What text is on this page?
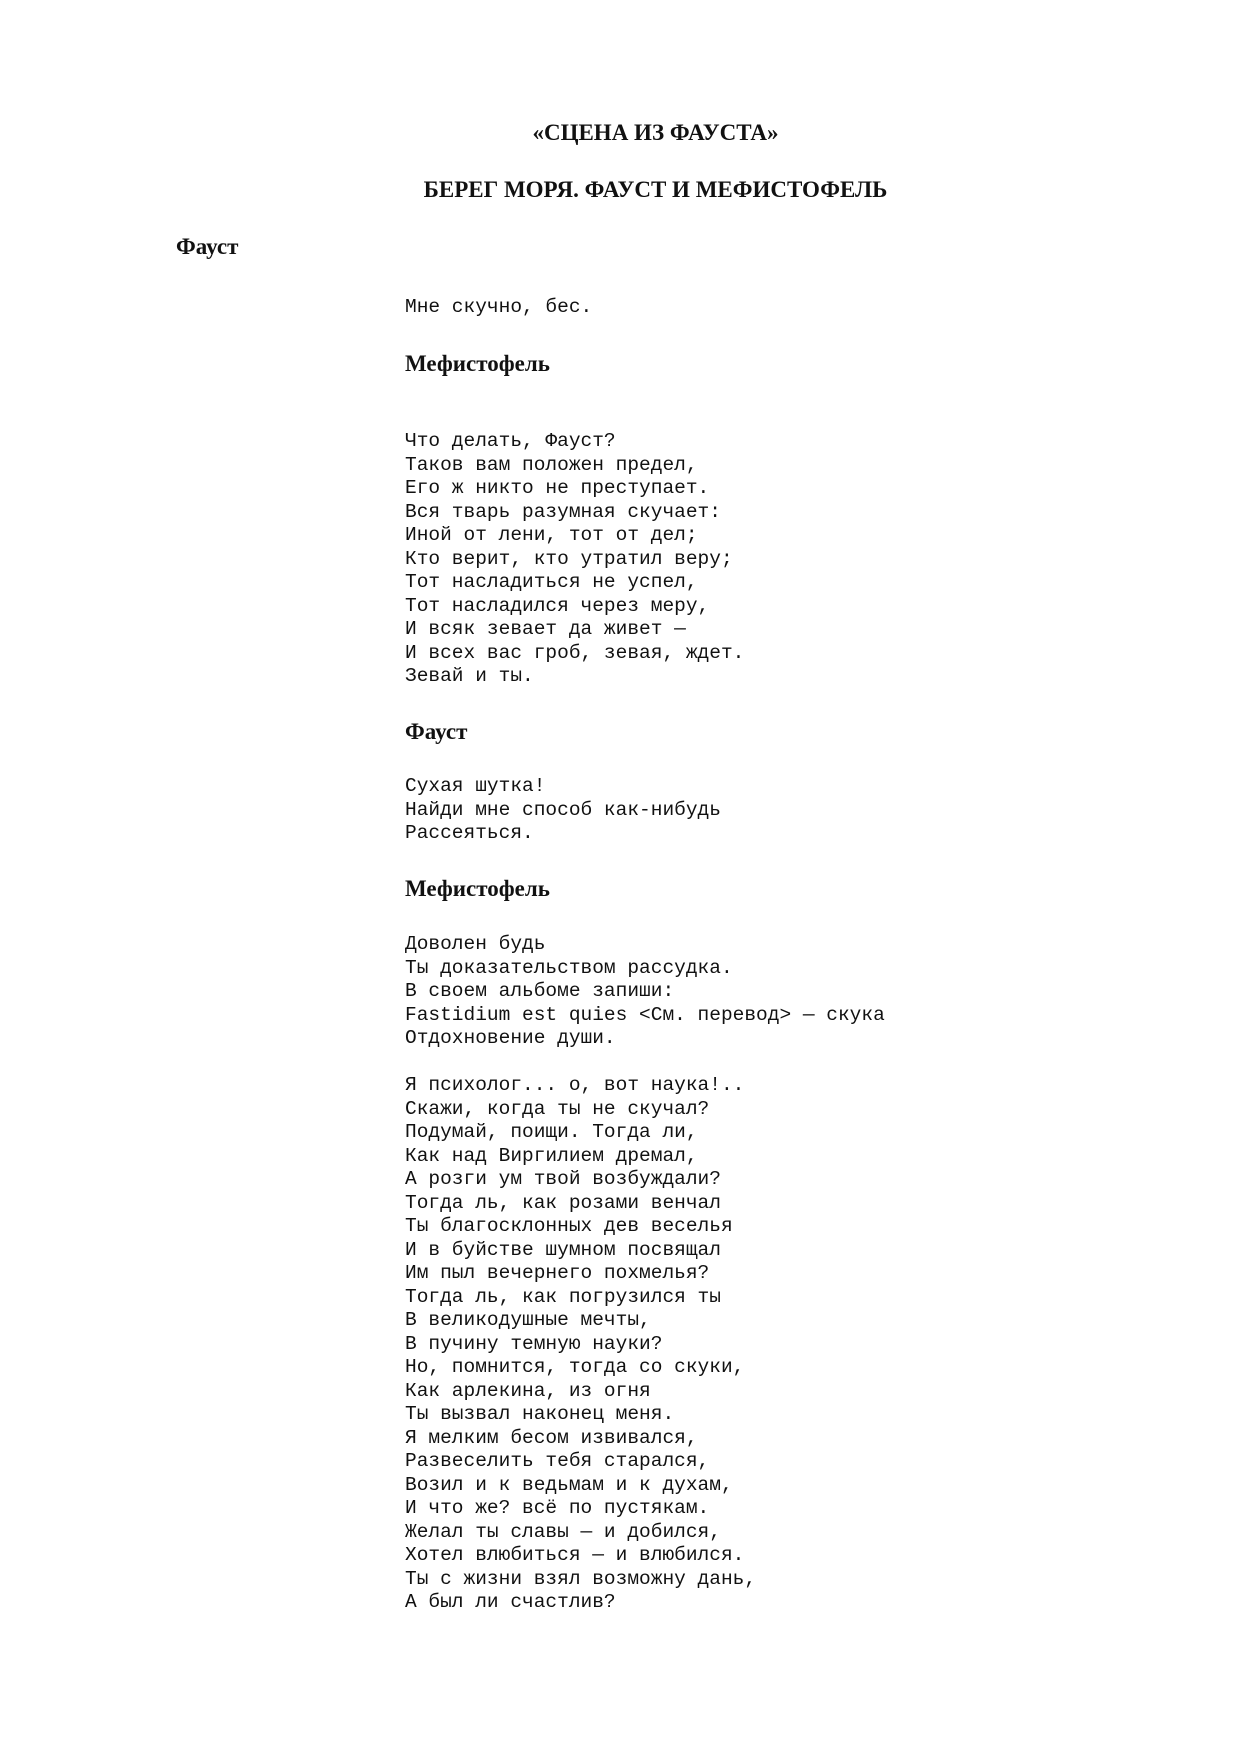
«СЦЕНА ИЗ ФАУСТА»
БЕРЕГ МОРЯ. ФАУСТ И МЕФИСТОФЕЛЬ
Фауст
Мне скучно, бес.
Мефистофель
Что делать, Фауст?
Таков вам положен предел,
Его ж никто не преступает.
Вся тварь разумная скучает:
Иной от лени, тот от дел;
Кто верит, кто утратил веру;
Тот насладиться не успел,
Тот насладился через меру,
И всяк зевает да живет —
И всех вас гроб, зевая, ждет.
Зевай и ты.
Фауст
Сухая шутка!
Найди мне способ как-нибудь
Рассеяться.
Мефистофель
Доволен будь
Ты доказательством рассудка.
В своем альбоме запиши:
Fastidium est quies <См. перевод> — скука
Отдохновение души.

Я психолог... о, вот наука!..
Скажи, когда ты не скучал?
Подумай, поищи. Тогда ли,
Как над Виргилием дремал,
А розги ум твой возбуждали?
Тогда ль, как розами венчал
Ты благосклонных дев веселья
И в буйстве шумном посвящал
Им пыл вечернего похмелья?
Тогда ль, как погрузился ты
В великодушные мечты,
В пучину темную науки?
Но, помнится, тогда со скуки,
Как арлекина, из огня
Ты вызвал наконец меня.
Я мелким бесом извивался,
Развеселить тебя старался,
Возил и к ведьмам и к духам,
И что же? всё по пустякам.
Желал ты славы — и добился,
Хотел влюбиться — и влюбился.
Ты с жизни взял возможну дань,
А был ли счастлив?
